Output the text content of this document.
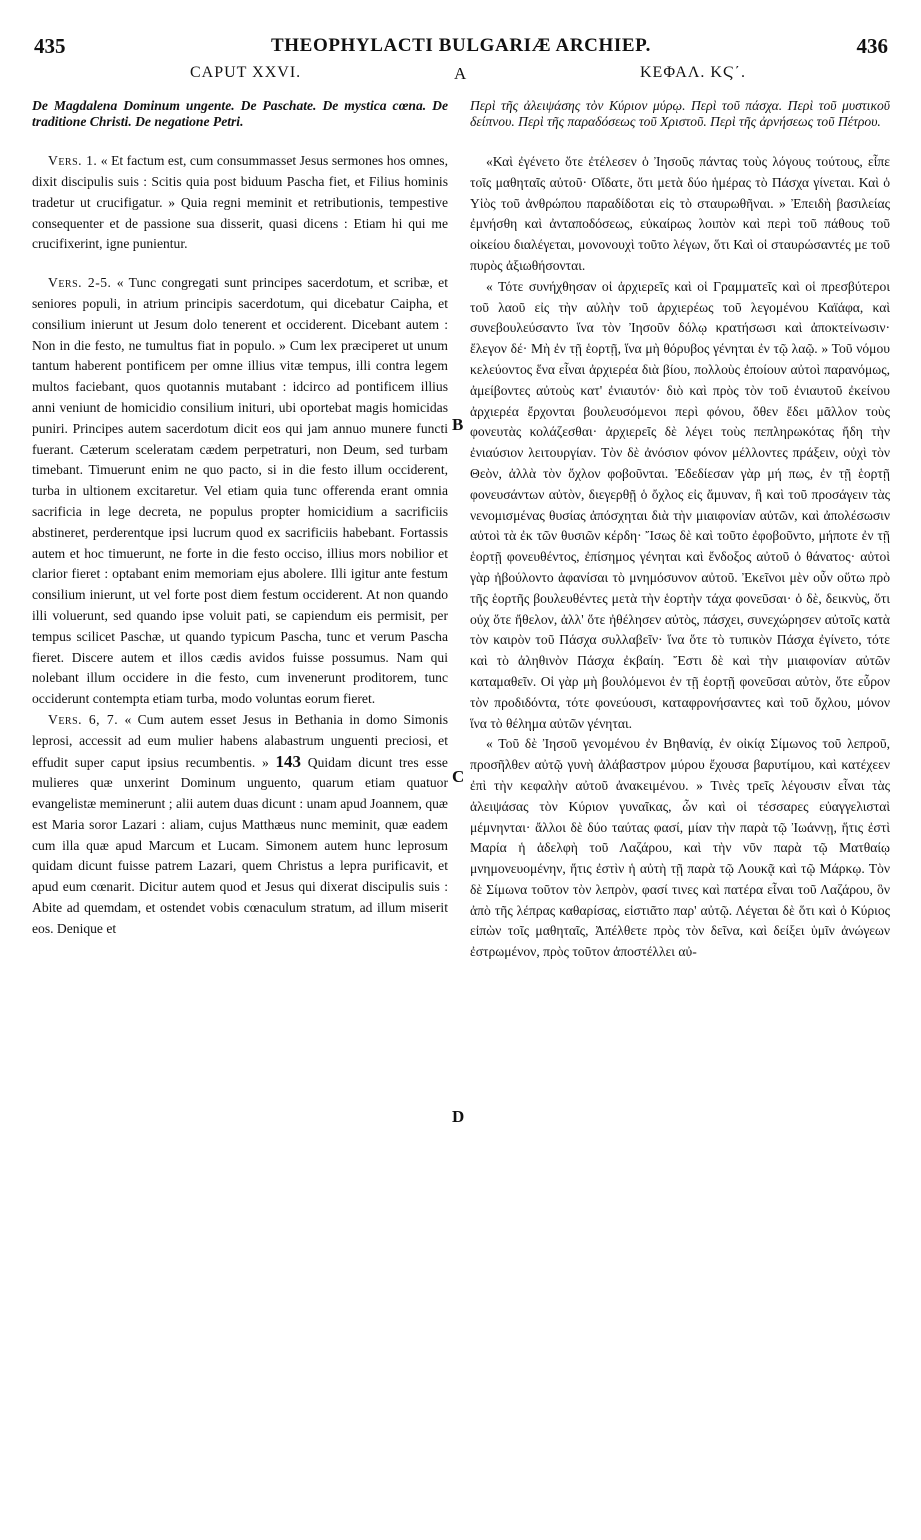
435	THEOPHYLACTI BULGARIÆ ARCHIEP.	436
CAPUT XXVI.	A	ΚΕΦΑΛ. ΚϚ΄.
B
C
D

De Magdalena Dominum ungente. De Paschate. De mystica cœna. De traditione Christi. De negatione Petri.

Vers. 1. « Et factum est, cum consummasset Jesus sermones hos omnes, dixit discipulis suis : Scitis quia post biduum Pascha fiet, et Filius hominis tradetur ut crucifigatur. » Quia regni meminit et retributionis, tempestive consequenter et de passione sua disserit, quasi dicens : Etiam hi qui me crucifixerint, igne punientur.

Vers. 2-5. « Tunc congregati sunt principes sacerdotum, et scribæ, et seniores populi, in atrium principis sacerdotum, qui dicebatur Caipha, et consilium inierunt ut Jesum dolo tenerent et occiderent. Dicebant autem : Non in die festo, ne tumultus fiat in populo. » Cum lex præciperet ut unum tantum haberent pontificem per omne illius vitæ tempus, illi contra legem multos faciebant, quos quotannis mutabant : idcirco ad pontificem illius anni veniunt de homicidio consilium inituri, ubi oportebat magis homicidas puniri. Principes autem sacerdotum dicit eos qui jam annuo munere functi fuerant. Cæterum sceleratam cædem perpetraturi, non Deum, sed turbam timebant. Timuerunt enim ne quo pacto, si in die festo illum occiderent, turba in ultionem excitaretur. Vel etiam quia tunc offerenda erant omnia sacrificia in lege decreta, ne populus propter homicidium a sacrificiis abstineret, perderentque ipsi lucrum quod ex sacrificiis habebant. Fortassis autem et hoc timuerunt, ne forte in die festo occiso, illius mors nobilior et clarior fieret : optabant enim memoriam ejus abolere. Illi igitur ante festum consilium inierunt, ut vel forte post diem festum occiderent. At non quando illi voluerunt, sed quando ipse voluit pati, se capiendum eis permisit, per tempus scilicet Paschæ, ut quando typicum Pascha, tunc et verum Pascha fieret. Discere autem et illos cædis avidos fuisse possumus. Nam qui nolebant illum occidere in die festo, cum invenerunt proditorem, tunc occiderunt contempta etiam turba, modo voluntas eorum fieret.

Vers. 6, 7. « Cum autem esset Jesus in Bethania in domo Simonis leprosi, accessit ad eum mulier habens alabastrum unguenti preciosi, et effudit super caput ipsius recumbentis. » 143 Quidam dicunt tres esse mulieres quæ unxerint Dominum unguento, quarum etiam quatuor evangelistæ meminerunt ; alii autem duas dicunt : unam apud Joannem, quæ est Maria soror Lazari : aliam, cujus Matthæus nunc meminit, quæ eadem cum illa quæ apud Marcum et Lucam. Simonem autem hunc leprosum quidam dicunt fuisse patrem Lazari, quem Christus a lepra purificavit, et apud eum cœnarit. Dicitur autem quod et Jesus qui dixerat discipulis suis : Abite ad quemdam, et ostendet vobis cœnaculum stratum, ad illum miserit eos. Denique et

Περὶ τῆς ἀλειψάσης τὸν Κύριον μύρῳ. Περὶ τοῦ πάσχα. Περὶ τοῦ μυστικοῦ δείπνου. Περὶ τῆς παραδόσεως τοῦ Χριστοῦ. Περὶ τῆς ἀρνήσεως τοῦ Πέτρου.

«Καὶ ἐγένετο ὅτε ἐτέλεσεν ὁ Ἰησοῦς πάντας τοὺς λόγους τούτους, εἶπε τοῖς μαθηταῖς αὐτοῦ· Οἴδατε, ὅτι μετὰ δύο ἡμέρας τὸ Πάσχα γίνεται. Καὶ ὁ Υἱὸς τοῦ ἀνθρώπου παραδίδοται εἰς τὸ σταυρωθῆναι. » Ἐπειδὴ βασιλείας ἐμνήσθη καὶ ἀνταποδόσεως, εὐκαίρως λοιπὸν καὶ περὶ τοῦ πάθους τοῦ οἰκείου διαλέγεται, μονονουχὶ τοῦτο λέγων, ὅτι Καὶ οἱ σταυρώσαντές με τοῦ πυρὸς ἀξιωθήσονται.

« Τότε συνήχθησαν οἱ ἀρχιερεῖς καὶ οἱ Γραμματεῖς καὶ οἱ πρεσβύτεροι τοῦ λαοῦ εἰς τὴν αὐλὴν τοῦ ἀρχιερέως τοῦ λεγομένου Καϊάφα, καὶ συνεβουλεύσαντο ἵνα τὸν Ἰησοῦν δόλῳ κρατήσωσι καὶ ἀποκτείνωσιν· ἔλεγον δέ· Μὴ ἐν τῇ ἑορτῇ, ἵνα μὴ θόρυβος γένηται ἐν τῷ λαῷ. » Τοῦ νόμου κελεύοντος ἕνα εἶναι ἀρχιερέα διὰ βίου, πολλοὺς ἐποίουν αὐτοὶ παρανόμως, ἀμείβοντες αὐτοὺς κατ' ἐνιαυτόν· διὸ καὶ πρὸς τὸν τοῦ ἐνιαυτοῦ ἐκείνου ἀρχιερέα ἔρχονται βουλευσόμενοι περὶ φόνου, ὅθεν ἔδει μᾶλλον τοὺς φονευτὰς κολάζεσθαι· ἀρχιερεῖς δὲ λέγει τοὺς πεπληρωκότας ἤδη τὴν ἐνιαύσιον λειτουργίαν. Τὸν δὲ ἀνόσιον φόνον μέλλοντες πράξειν, οὐχὶ τὸν Θεὸν, ἀλλὰ τὸν ὄχλον φοβοῦνται. Ἐδεδίεσαν γὰρ μή πως, ἐν τῇ ἑορτῇ φονευσάντων αὐτὸν, διεγερθῇ ὁ ὄχλος εἰς ἄμυναν, ἢ καὶ τοῦ προσάγειν τὰς νενομισμένας θυσίας ἀπόσχηται διὰ τὴν μιαιφονίαν αὐτῶν, καὶ ἀπολέσωσιν αὐτοὶ τὰ ἐκ τῶν θυσιῶν κέρδη· Ἴσως δὲ καὶ τοῦτο ἐφοβοῦντο, μήποτε ἐν τῇ ἑορτῇ φονευθέντος, ἐπίσημος γένηται καὶ ἔνδοξος αὐτοῦ ὁ θάνατος· αὐτοὶ γὰρ ἠβούλοντο ἀφανίσαι τὸ μνημόσυνον αὐτοῦ. Ἐκεῖνοι μὲν οὖν οὕτω πρὸ τῆς ἑορτῆς βουλευθέντες μετὰ τὴν ἑορτὴν τάχα φονεῦσαι· ὁ δὲ, δεικνὺς, ὅτι οὐχ ὅτε ἤθελον, ἀλλ' ὅτε ἠθέλησεν αὐτὸς, πάσχει, συνεχώρησεν αὐτοῖς κατὰ τὸν καιρὸν τοῦ Πάσχα συλλαβεῖν· ἵνα ὅτε τὸ τυπικὸν Πάσχα ἐγίνετο, τότε καὶ τὸ ἀληθινὸν Πάσχα ἐκβαίη. Ἔστι δὲ καὶ τὴν μιαιφονίαν αὐτῶν καταμαθεῖν. Οἱ γὰρ μὴ βουλόμενοι ἐν τῇ ἑορτῇ φονεῦσαι αὐτὸν, ὅτε εὗρον τὸν προδιδόντα, τότε φονεύουσι, καταφρονήσαντες καὶ τοῦ ὄχλου, μόνον ἵνα τὸ θέλημα αὐτῶν γένηται.

« Τοῦ δὲ Ἰησοῦ γενομένου ἐν Βηθανίᾳ, ἐν οἰκίᾳ Σίμωνος τοῦ λεπροῦ, προσῆλθεν αὐτῷ γυνὴ ἀλάβαστρον μύρου ἔχουσα βαρυτίμου, καὶ κατέχεεν ἐπὶ τὴν κεφαλὴν αὐτοῦ ἀνακειμένου. » Τινὲς τρεῖς λέγουσιν εἶναι τὰς ἀλειψάσας τὸν Κύριον γυναῖκας, ὧν καὶ οἱ τέσσαρες εὐαγγελισταὶ μέμνηνται· ἄλλοι δὲ δύο ταύτας φασί, μίαν τὴν παρὰ τῷ Ἰωάννῃ, ἥτις ἐστὶ Μαρία ἡ ἀδελφὴ τοῦ Λαζάρου, καὶ τὴν νῦν παρὰ τῷ Ματθαίῳ μνημονευομένην, ἥτις ἐστὶν ἡ αὐτὴ τῇ παρὰ τῷ Λουκᾷ καὶ τῷ Μάρκῳ. Τὸν δὲ Σίμωνα τοῦτον τὸν λεπρὸν, φασί τινες καὶ πατέρα εἶναι τοῦ Λαζάρου, ὃν ἀπὸ τῆς λέπρας καθαρίσας, εἱστιᾶτο παρ' αὐτῷ. Λέγεται δὲ ὅτι καὶ ὁ Κύριος εἰπὼν τοῖς μαθηταῖς, Ἀπέλθετε πρὸς τὸν δεῖνα, καὶ δείξει ὑμῖν ἀνώγεων ἐστρωμένον, πρὸς τοῦτον ἀποστέλλει αὐ-
